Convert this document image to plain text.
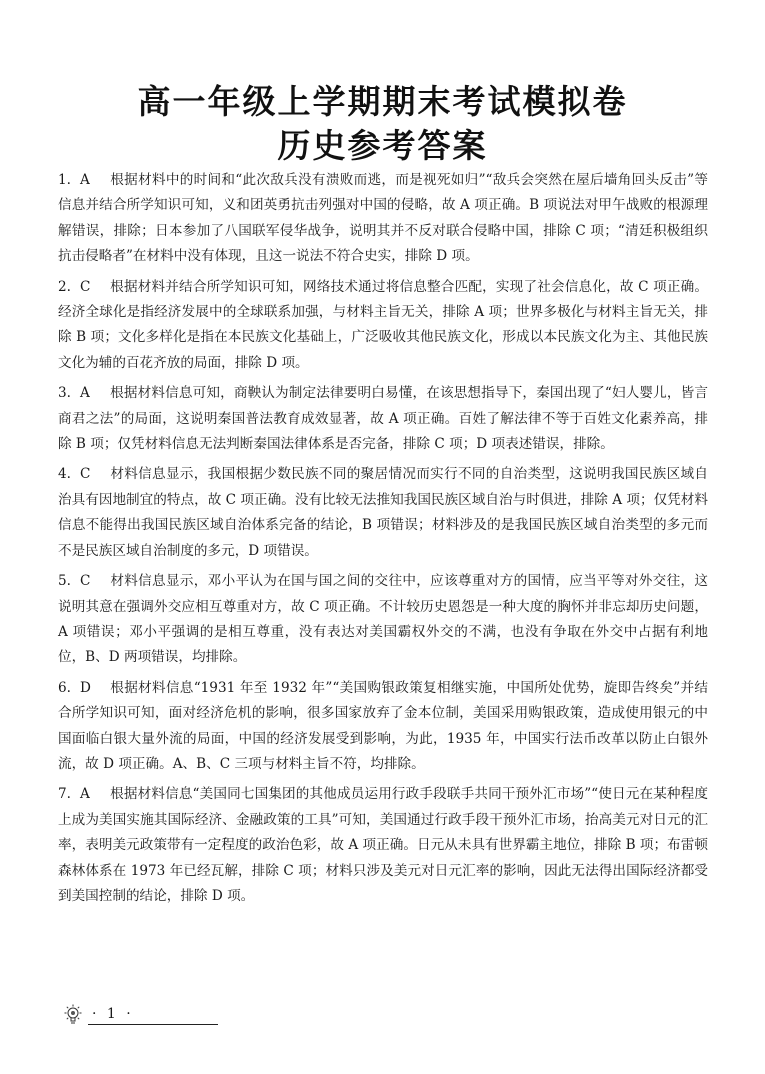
高一年级上学期期末考试模拟卷
历史参考答案
1. A 根据材料中的时间和“此次敌兵没有溃败而逃，而是视死如归”“敌兵会突然在屋后墙角回头反击”等信息并结合所学知识可知，义和团英勇抗击列强对中国的侵略，故 A 项正确。B 项说法对甲午战败的根源理解错误，排除；日本参加了八国联军侵华战争，说明其并不反对联合侵略中国，排除 C 项；“清廷积极组织抗击侵略者”在材料中没有体现，且这一说法不符合史实，排除 D 项。
2. C 根据材料并结合所学知识可知，网络技术通过将信息整合匹配，实现了社会信息化，故 C 项正确。经济全球化是指经济发展中的全球联系加强，与材料主旨无关，排除 A 项；世界多极化与材料主旨无关，排除 B 项；文化多样化是指在本民族文化基础上，广泛吸收其他民族文化，形成以本民族文化为主、其他民族文化为辅的百花齐放的局面，排除 D 项。
3. A 根据材料信息可知，商鞅认为制定法律要明白易懂，在该思想指导下，秦国出现了“妇人婴儿，皆言商君之法”的局面，这说明秦国普法教育成效显著，故 A 项正确。百姓了解法律不等于百姓文化素养高，排除 B 项；仅凭材料信息无法判断秦国法律体系是否完备，排除 C 项；D 项表述错误，排除。
4. C 材料信息显示，我国根据少数民族不同的聚居情况而实行不同的自治类型，这说明我国民族区域自治具有因地制宜的特点，故 C 项正确。没有比较无法推知我国民族区域自治与时俱进，排除 A 项；仅凭材料信息不能得出我国民族区域自治体系完备的结论，B 项错误；材料涉及的是我国民族区域自治类型的多元而不是民族区域自治制度的多元，D 项错误。
5. C 材料信息显示，邓小平认为在国与国之间的交往中，应该尊重对方的国情，应当平等对外交往，这说明其意在强调外交应相互尊重对方，故 C 项正确。不计较历史恩怨是一种大度的胸怀并非忘却历史问题，A 项错误；邓小平强调的是相互尊重，没有表达对美国霸权外交的不满，也没有争取在外交中占据有利地位，B、D 两项错误，均排除。
6. D 根据材料信息“1931 年至 1932 年”“美国购银政策复相继实施，中国所处优势，旋即告终矣”并结合所学知识可知，面对经济危机的影响，很多国家放弃了金本位制，美国采用购银政策，造成使用银元的中国面临白银大量外流的局面，中国的经济发展受到影响，为此，1935 年，中国实行法币改革以防止白银外流，故 D 项正确。A、B、C 三项与材料主旨不符，均排除。
7. A 根据材料信息“美国同七国集团的其他成员运用行政手段联手共同干预外汇市场”“使日元在某种程度上成为美国实施其国际经济、金融政策的工具”可知，美国通过行政手段干预外汇市场，抬高美元对日元的汇率，表明美元政策带有一定程度的政治色彩，故 A 项正确。日元从未具有世界霸主地位，排除 B 项；布雷顿森林体系在 1973 年已经瓦解，排除 C 项；材料只涉及美元对日元汇率的影响，因此无法得出国际经济都受到美国控制的结论，排除 D 项。
· 1 ·
